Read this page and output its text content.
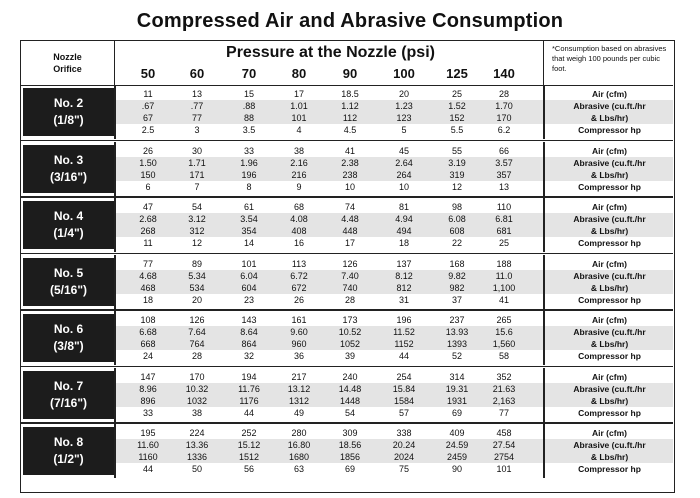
Compressed Air and Abrasive Consumption
Nozzle
Orifice
Pressure at the Nozzle (psi)
50	60	70	80	90	100	125	140
*Consumption based on abrasives that weigh 100 pounds per cubic foot.
No. 2
(1/8")
11	13	15	17	18.5	20	25	28	Air (cfm)
.67	.77	.88	1.01	1.12	1.23	1.52	1.70	Abrasive (cu.ft./hr
67	77	88	101	112	123	152	170	& Lbs/hr)
2.5	3	3.5	4	4.5	5	5.5	6.2	Compressor hp
No. 3
(3/16")
26	30	33	38	41	45	55	66	Air (cfm)
1.50	1.71	1.96	2.16	2.38	2.64	3.19	3.57	Abrasive (cu.ft./hr
150	171	196	216	238	264	319	357	& Lbs/hr)
6	7	8	9	10	10	12	13	Compressor hp
No. 4
(1/4")
47	54	61	68	74	81	98	110	Air (cfm)
2.68	3.12	3.54	4.08	4.48	4.94	6.08	6.81	Abrasive (cu.ft./hr
268	312	354	408	448	494	608	681	& Lbs/hr)
11	12	14	16	17	18	22	25	Compressor hp
No. 5
(5/16")
77	89	101	113	126	137	168	188	Air (cfm)
4.68	5.34	6.04	6.72	7.40	8.12	9.82	11.0	Abrasive (cu.ft./hr
468	534	604	672	740	812	982	1,100	& Lbs/hr)
18	20	23	26	28	31	37	41	Compressor hp
No. 6
(3/8")
108	126	143	161	173	196	237	265	Air (cfm)
6.68	7.64	8.64	9.60	10.52	11.52	13.93	15.6	Abrasive (cu.ft./hr
668	764	864	960	1052	1152	1393	1,560	& Lbs/hr)
24	28	32	36	39	44	52	58	Compressor hp
No. 7
(7/16")
147	170	194	217	240	254	314	352	Air (cfm)
8.96	10.32	11.76	13.12	14.48	15.84	19.31	21.63	Abrasive (cu.ft./hr
896	1032	1176	1312	1448	1584	1931	2,163	& Lbs/hr)
33	38	44	49	54	57	69	77	Compressor hp
No. 8
(1/2")
195	224	252	280	309	338	409	458	Air (cfm)
11.60	13.36	15.12	16.80	18.56	20.24	24.59	27.54	Abrasive (cu.ft./hr
1160	1336	1512	1680	1856	2024	2459	2754	& Lbs/hr)
44	50	56	63	69	75	90	101	Compressor hp
